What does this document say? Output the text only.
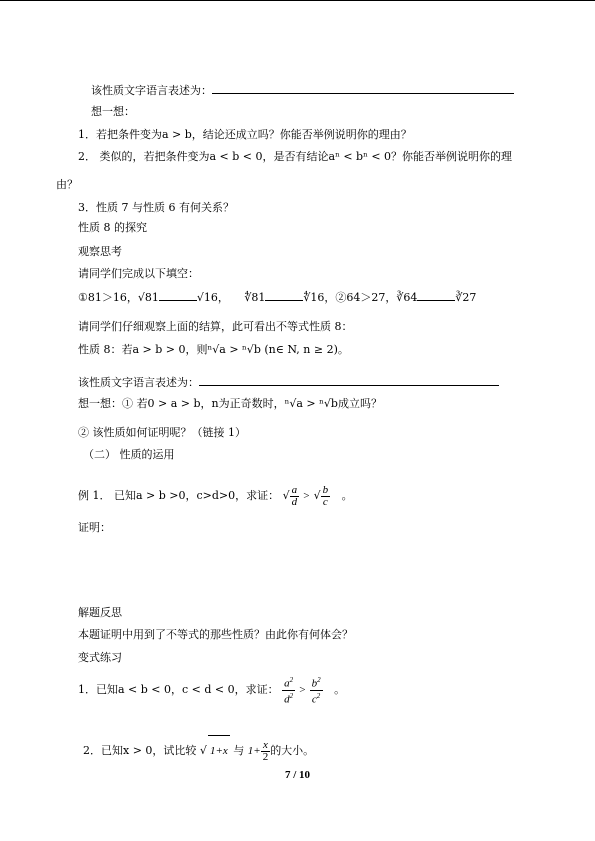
该性质文字语言表述为：
想一想：
1．若把条件变为a > b，结论还成立吗？你能否举例说明你的理由？
2． 类似的，若把条件变为a < b < 0，是否有结论aⁿ < bⁿ < 0？你能否举例说明你的理
由？
3．性质 7 与性质 6 有何关系？
性质 8 的探究
观察思考
请同学们完成以下填空：
①81＞16，√81	√16， ∜81	∜16，②64＞27，∛64	∛27
请同学们仔细观察上面的结算，此可看出不等式性质 8：
性质 8：若a > b > 0，则ⁿ√a > ⁿ√b (n∈ N, n ≥ 2)。
该性质文字语言表述为：
想一想：① 若0 > a > b，n为正奇数时，ⁿ√a > ⁿ√b成立吗？
② 该性质如何证明呢？（链接 1）
（二） 性质的运用
例 1． 已知a > b >0，c>d>0，求证： √ $\frac{a}{d}$ > √ $\frac{b}{c}$ 。
证明：
解题反思
本题证明中用到了不等式的那些性质？由此你有何体会？
变式练习
1．已知a < b < 0，c < d < 0，求证： $\frac{a^2}{d^2} > \frac{b^2}{c^2}$ 。
2．已知x > 0，试比较 √ 1+x 与 $1+ \frac{x}{2}$ 的大小。
7 / 10
